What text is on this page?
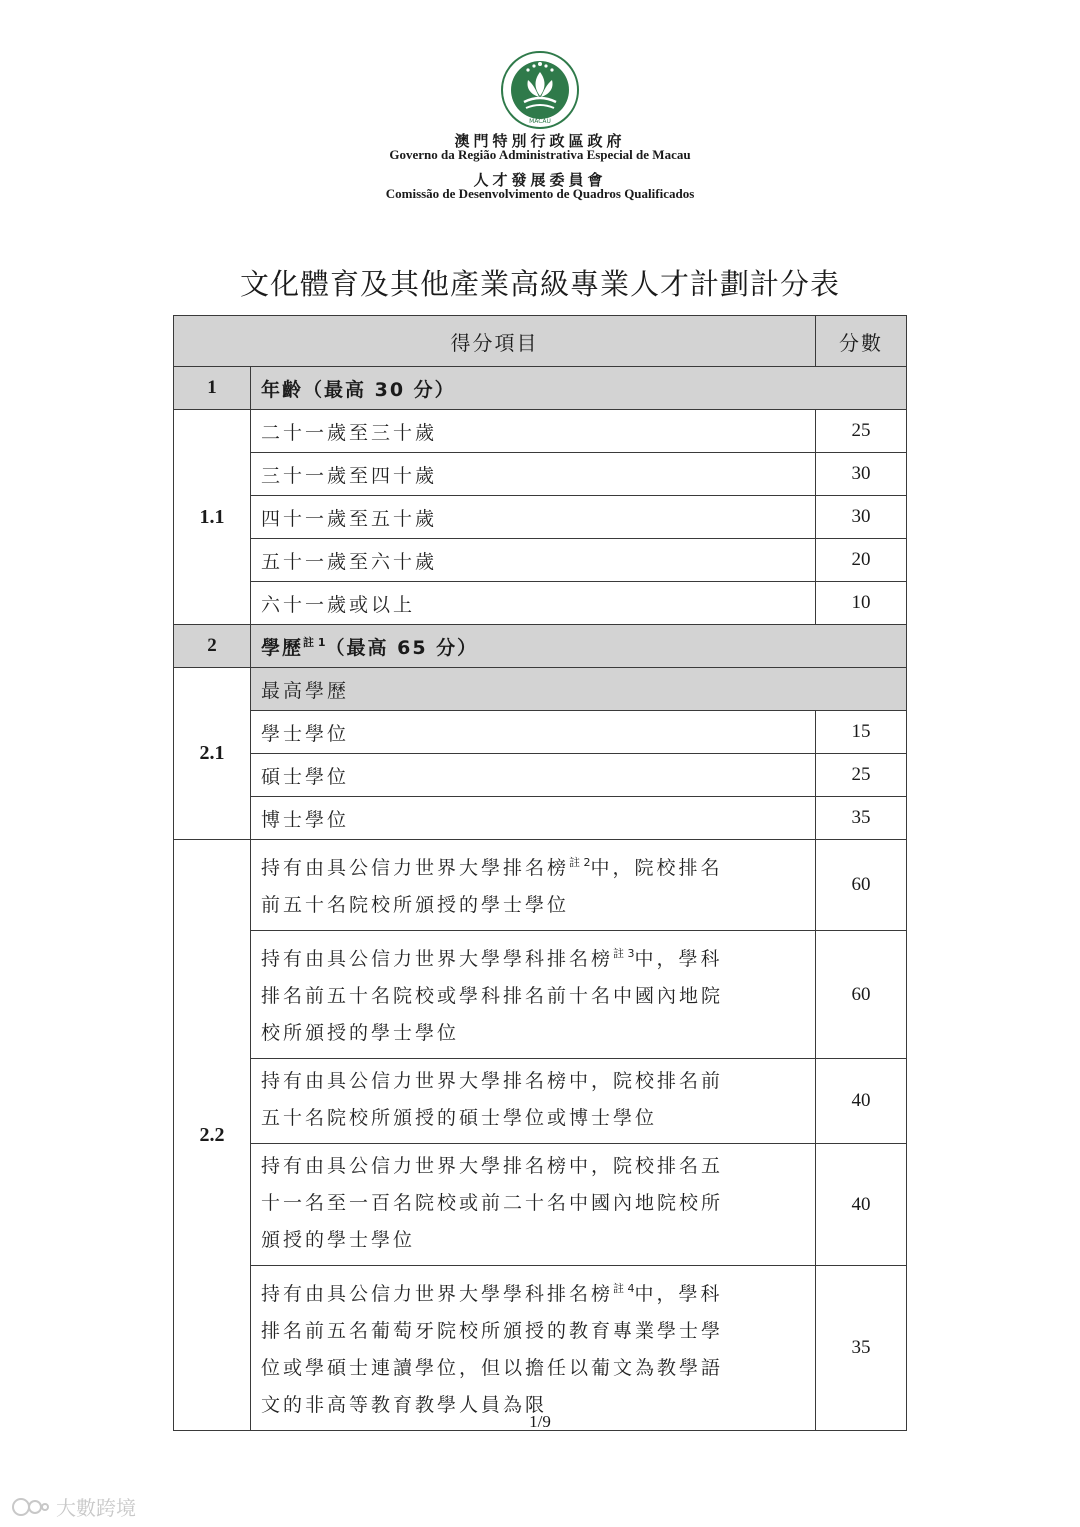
MACAU
澳門特別行政區政府
Governo da Região Administrativa Especial de Macau
人才發展委員會
Comissão de Desenvolvimento de Quadros Qualificados
文化體育及其他產業高級專業人才計劃計分表
得分項目		分數
1	年齡（最高 30 分）	
1.1	二十一歲至三十歲	25
	三十一歲至四十歲	30
	四十一歲至五十歲	30
	五十一歲至六十歲	20
	六十一歲或以上	10
2	學歷$^{註 1}$（最高 65 分）	
2.1	最高學歷	
	學士學位	15
	碩士學位	25
	博士學位	35
2.2	持有由具公信力世界大學排名榜$^{註 2}$中，院校排名
前五十名院校所頒授的學士學位	60
	持有由具公信力世界大學學科排名榜$^{註 3}$中，學科
排名前五十名院校或學科排名前十名中國內地院
校所頒授的學士學位	60
	持有由具公信力世界大學排名榜中，院校排名前
五十名院校所頒授的碩士學位或博士學位	40
	持有由具公信力世界大學排名榜中，院校排名五
十一名至一百名院校或前二十名中國內地院校所
頒授的學士學位	40
	持有由具公信力世界大學學科排名榜$^{註 4}$中，學科
排名前五名葡萄牙院校所頒授的教育專業學士學
位或學碩士連讀學位，但以擔任以葡文為教學語
文的非高等教育教學人員為限	35
1/9
大數跨境
